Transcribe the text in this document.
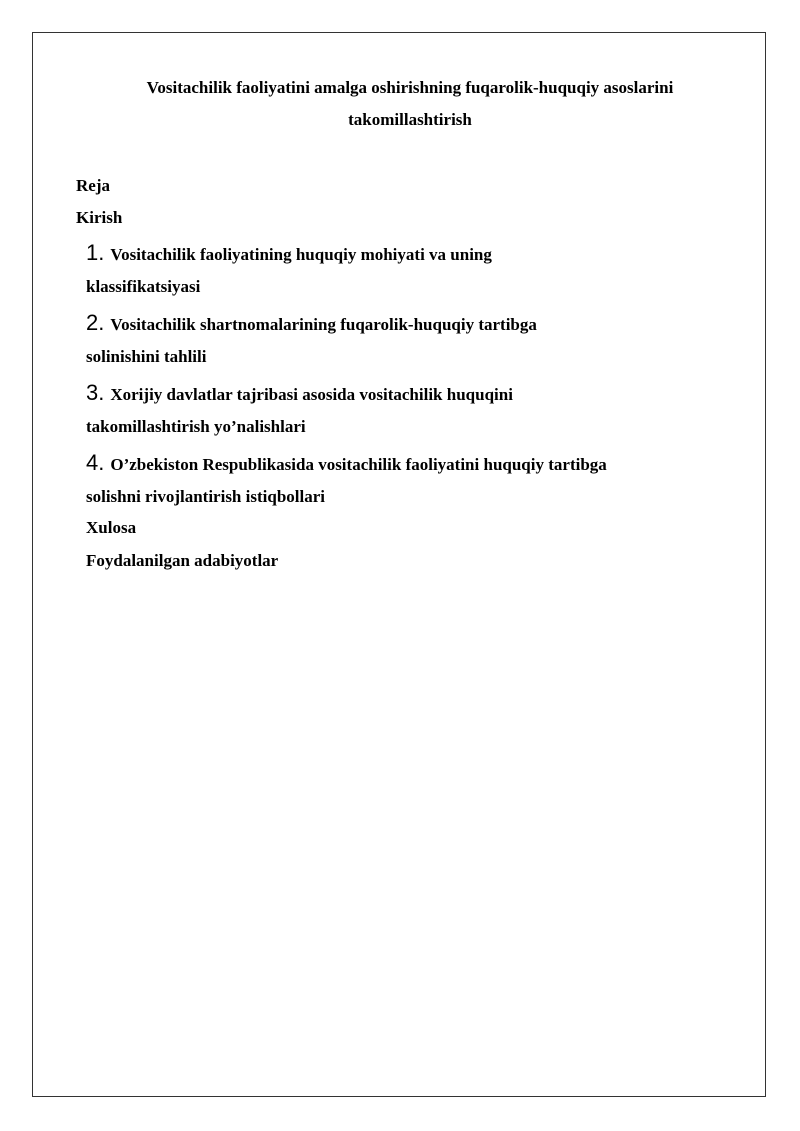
Vositachilik faoliyatini amalga oshirishning fuqarolik-huquqiy asoslarini takomillashtirish

Reja

Kirish

1. Vositachilik faoliyatining huquqiy mohiyati va uning
klassifikatsiyasi
2. Vositachilik shartnomalarining fuqarolik-huquqiy tartibga
solinishini tahlili
3. Xorijiy davlatlar tajribasi asosida vositachilik huquqini
takomillashtirish yo’nalishlari
4. O’zbekiston Respublikasida vositachilik faoliyatini huquqiy tartibga
solishni rivojlantirish istiqbollari

Xulosa

Foydalanilgan adabiyotlar
